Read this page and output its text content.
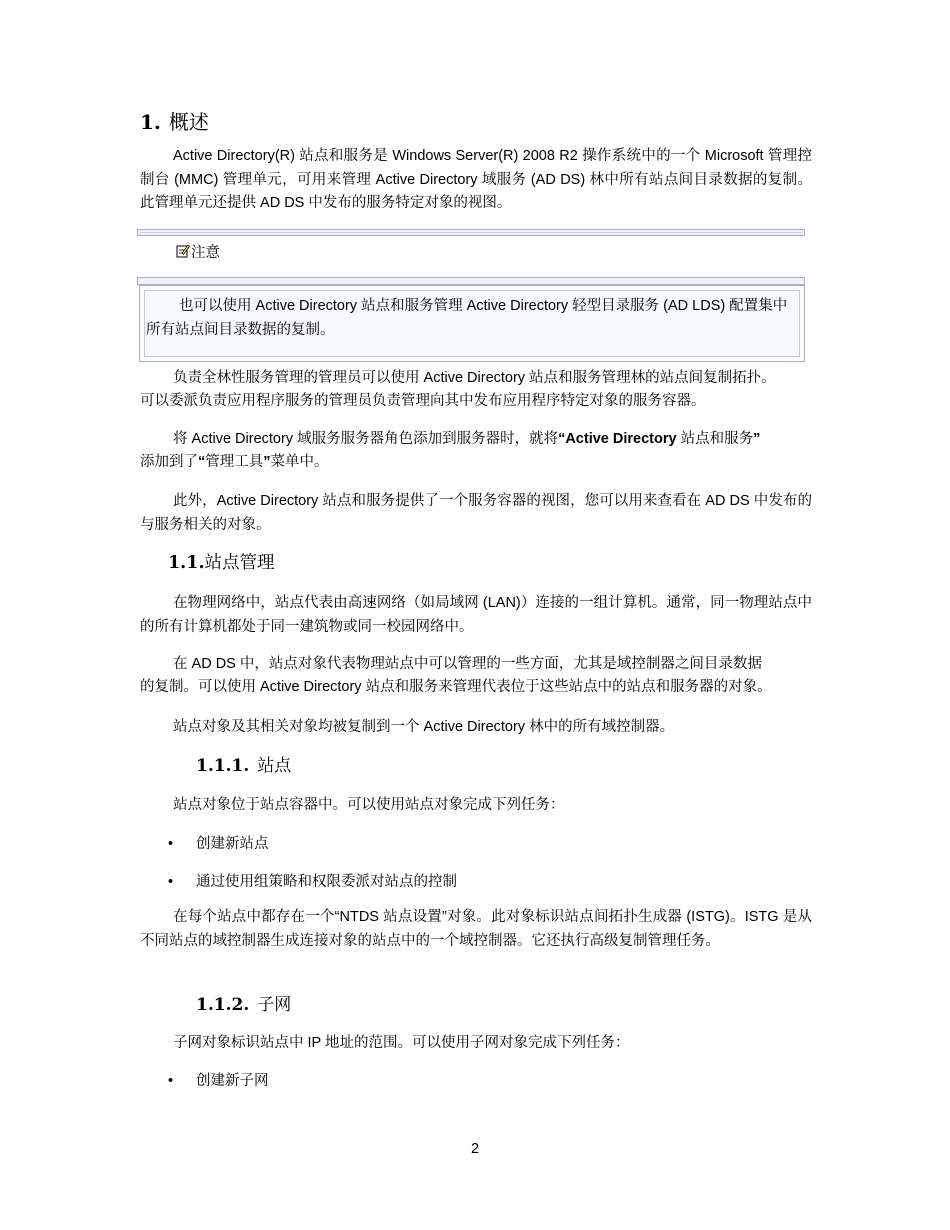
1. 概述
Active Directory(R) 站点和服务是 Windows Server(R) 2008 R2 操作系统中的一个 Microsoft 管理控制台 (MMC) 管理单元，可用来管理 Active Directory 域服务 (AD DS) 林中所有站点间目录数据的复制。此管理单元还提供 AD DS 中发布的服务特定对象的视图。
注意
也可以使用 Active Directory 站点和服务管理 Active Directory 轻型目录服务 (AD LDS) 配置集中所有站点间目录数据的复制。
负责全林性服务管理的管理员可以使用 Active Directory 站点和服务管理林的站点间复制拓扑。
可以委派负责应用程序服务的管理员负责管理向其中发布应用程序特定对象的服务容器。
将 Active Directory 域服务服务器角色添加到服务器时，就将“Active Directory 站点和服务”
添加到了“管理工具”菜单中。
此外，Active Directory 站点和服务提供了一个服务容器的视图，您可以用来查看在 AD DS 中发布的与服务相关的对象。
1.1.站点管理
在物理网络中，站点代表由高速网络（如局域网 (LAN)）连接的一组计算机。通常，同一物理站点中的所有计算机都处于同一建筑物或同一校园网络中。
在 AD DS 中，站点对象代表物理站点中可以管理的一些方面，尤其是域控制器之间目录数据
的复制。可以使用 Active Directory 站点和服务来管理代表位于这些站点中的站点和服务器的对象。
站点对象及其相关对象均被复制到一个 Active Directory 林中的所有域控制器。
1.1.1. 站点
站点对象位于站点容器中。可以使用站点对象完成下列任务：
• 创建新站点
• 通过使用组策略和权限委派对站点的控制
在每个站点中都存在一个“NTDS 站点设置”对象。此对象标识站点间拓扑生成器 (ISTG)。ISTG 是从不同站点的域控制器生成连接对象的站点中的一个域控制器。它还执行高级复制管理任务。
1.1.2. 子网
子网对象标识站点中 IP 地址的范围。可以使用子网对象完成下列任务：
• 创建新子网
2
